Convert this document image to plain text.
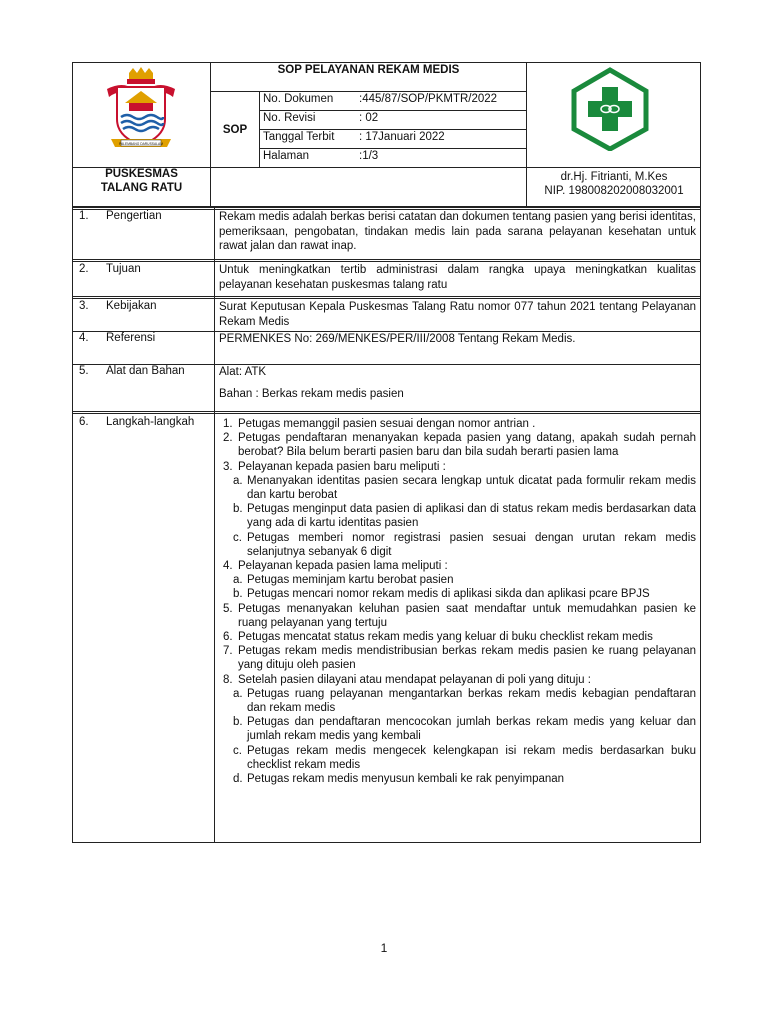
PALEMBANG DARUSSALAM
PUSKESMAS
TALANG RATU
SOP PELAYANAN REKAM MEDIS
SOP
No. Dokumen :445/87/SOP/PKMTR/2022
No. Revisi	: 02
Tanggal Terbit : 17Januari 2022
Halaman	:1/3
dr.Hj. Fitrianti, M.Kes
NIP. 198008202008032001
1. Pengertian	Rekam medis adalah berkas berisi catatan dan dokumen tentang pasien yang berisi identitas, pemeriksaan, pengobatan, tindakan medis lain pada sarana pelayanan kesehatan untuk rawat jalan dan rawat inap.
2. Tujuan	Untuk meningkatkan tertib administrasi dalam rangka upaya meningkatkan kualitas pelayanan kesehatan puskesmas talang ratu
3. Kebijakan	Surat Keputusan Kepala Puskesmas Talang Ratu nomor 077 tahun 2021 tentang Pelayanan Rekam Medis
4. Referensi	PERMENKES No: 269/MENKES/PER/III/2008 Tentang Rekam Medis.
5. Alat dan Bahan	Alat: ATK
Bahan : Berkas rekam medis pasien
6. Langkah-langkah	1. Petugas memanggil pasien sesuai dengan nomor antrian .
2. Petugas pendaftaran menanyakan kepada pasien yang datang, apakah sudah pernah berobat? Bila belum berarti pasien baru dan bila sudah berarti pasien lama
3. Pelayanan kepada pasien baru meliputi :
a. Menanyakan identitas pasien secara lengkap untuk dicatat pada formulir rekam medis dan kartu berobat
b. Petugas menginput data pasien di aplikasi dan di status rekam medis berdasarkan data yang ada di kartu identitas pasien
c. Petugas memberi nomor registrasi pasien sesuai dengan urutan rekam medis selanjutnya sebanyak 6 digit
4. Pelayanan kepada pasien lama meliputi :
a. Petugas meminjam kartu berobat pasien
b. Petugas mencari nomor rekam medis di aplikasi sikda dan aplikasi pcare BPJS
5. Petugas menanyakan keluhan pasien saat mendaftar untuk memudahkan pasien ke ruang pelayanan yang tertuju
6. Petugas mencatat status rekam medis yang keluar di buku checklist rekam medis
7. Petugas rekam medis mendistribusian berkas rekam medis pasien ke ruang pelayanan yang dituju oleh pasien
8. Setelah pasien dilayani atau mendapat pelayanan di poli yang dituju :
a. Petugas ruang pelayanan mengantarkan berkas rekam medis kebagian pendaftaran dan rekam medis
b. Petugas dan pendaftaran mencocokan jumlah berkas rekam medis yang keluar dan jumlah rekam medis yang kembali
c. Petugas rekam medis mengecek kelengkapan isi rekam medis berdasarkan buku checklist rekam medis
d. Petugas rekam medis menyusun kembali ke rak penyimpanan
1
